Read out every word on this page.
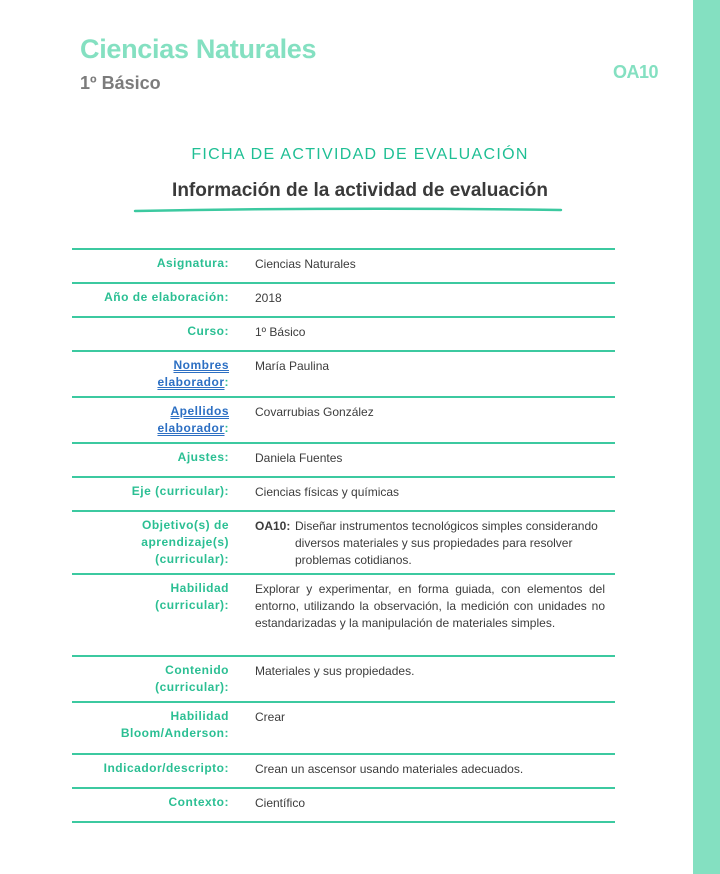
Ciencias Naturales
1º Básico
OA10
FICHA DE ACTIVIDAD DE EVALUACIÓN
Información de la actividad de evaluación
Asignatura:	Ciencias Naturales
Año de elaboración:	2018
Curso:	1º Básico
Nombres
elaborador:	María Paulina
Apellidos
elaborador:	Covarrubias González
Ajustes:	Daniela Fuentes
Eje (curricular):	Ciencias físicas y químicas
Objetivo(s) de
aprendizaje(s)
(curricular):	OA10: Diseñar instrumentos tecnológicos simples considerando diversos materiales y sus propiedades para resolver problemas cotidianos.

Habilidad
(curricular):	Explorar y experimentar, en forma guiada, con elementos del entorno, utilizando la observación, la medición con unidades no estandarizadas y la manipulación de materiales simples.
Contenido
(curricular):	Materiales y sus propiedades.
Habilidad
Bloom/Anderson:	Crear
Indicador/descripto:	Crean un ascensor usando materiales adecuados.
Contexto:	Científico
